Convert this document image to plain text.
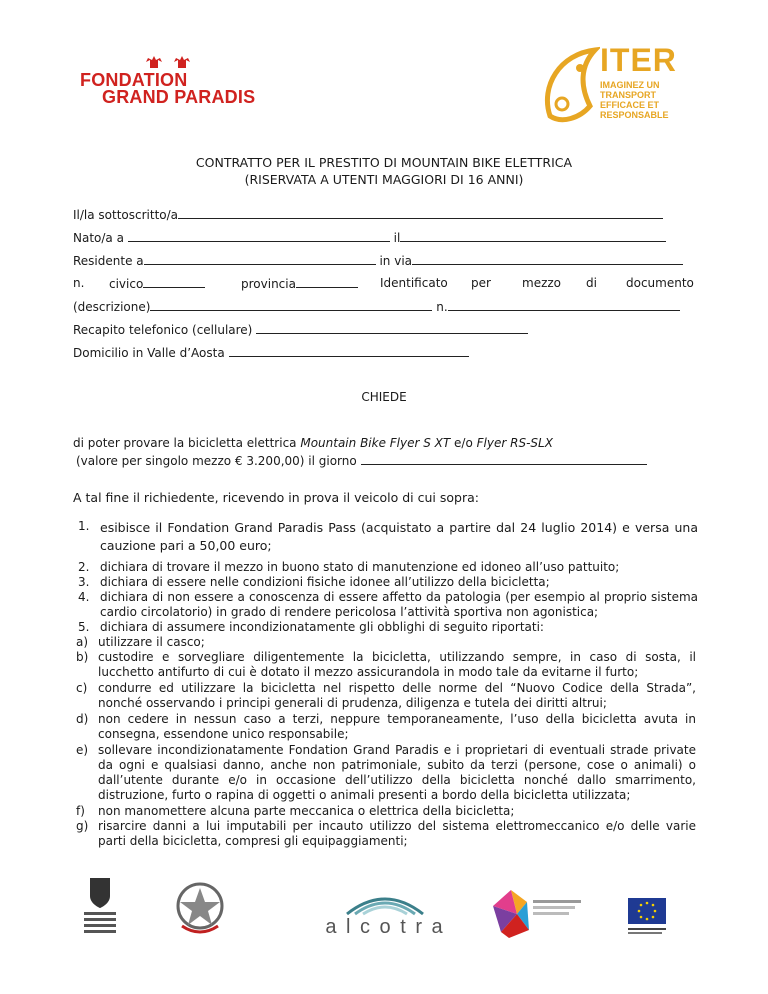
FONDATION
GRAND PARADIS
ITER
IMAGINEZ UN
TRANSPORT
EFFICACE ET
RESPONSABLE
CONTRATTO PER IL PRESTITO DI MOUNTAIN BIKE ELETTRICA
(RISERVATA A UTENTI MAGGIORI DI 16 ANNI)
Il/la sottoscritto/a
Nato/a a	il
Residente a	in via
n. civico	provincia	Identificato per	mezzo di documento
(descrizione)	n.
Recapito telefonico (cellulare)
Domicilio in Valle d’Aosta
CHIEDE
di poter provare la bicicletta elettrica Mountain Bike Flyer S XT e/o Flyer RS-SLX
(valore per singolo mezzo € 3.200,00) il giorno
A tal fine il richiedente, ricevendo in prova il veicolo di cui sopra:
1. esibisce il Fondation Grand Paradis Pass (acquistato a partire dal 24 luglio 2014) e versa una cauzione pari a 50,00 euro;
2. dichiara di trovare il mezzo in buono stato di manutenzione ed idoneo all’uso pattuito;
3. dichiara di essere nelle condizioni fisiche idonee all’utilizzo della bicicletta;
4. dichiara di non essere a conoscenza di essere affetto da patologia (per esempio al proprio sistema cardio circolatorio) in grado di rendere pericolosa l’attività sportiva non agonistica;
5. dichiara di assumere incondizionatamente gli obblighi di seguito riportati:
a) utilizzare il casco;
b) custodire e sorvegliare diligentemente la bicicletta, utilizzando sempre, in caso di sosta, il lucchetto antifurto di cui è dotato il mezzo assicurandola in modo tale da evitarne il furto;
c) condurre ed utilizzare la bicicletta nel rispetto delle norme del “Nuovo Codice della Strada”, nonché osservando i principi generali di prudenza, diligenza e tutela dei diritti altrui;
d) non cedere in nessun caso a terzi, neppure temporaneamente, l’uso della bicicletta avuta in consegna, essendone unico responsabile;
e) sollevare incondizionatamente Fondation Grand Paradis e i proprietari di eventuali strade private da ogni e qualsiasi danno, anche non patrimoniale, subito da terzi (persone, cose o animali) o dall’utente durante e/o in occasione dell’utilizzo della bicicletta nonché dallo smarrimento, distruzione, furto o rapina di oggetti o animali presenti a bordo della bicicletta utilizzata;
f) non manomettere alcuna parte meccanica o elettrica della bicicletta;
g) risarcire danni a lui imputabili per incauto utilizzo del sistema elettromeccanico e/o delle varie parti della bicicletta, compresi gli equipaggiamenti;
a l c o t r a
